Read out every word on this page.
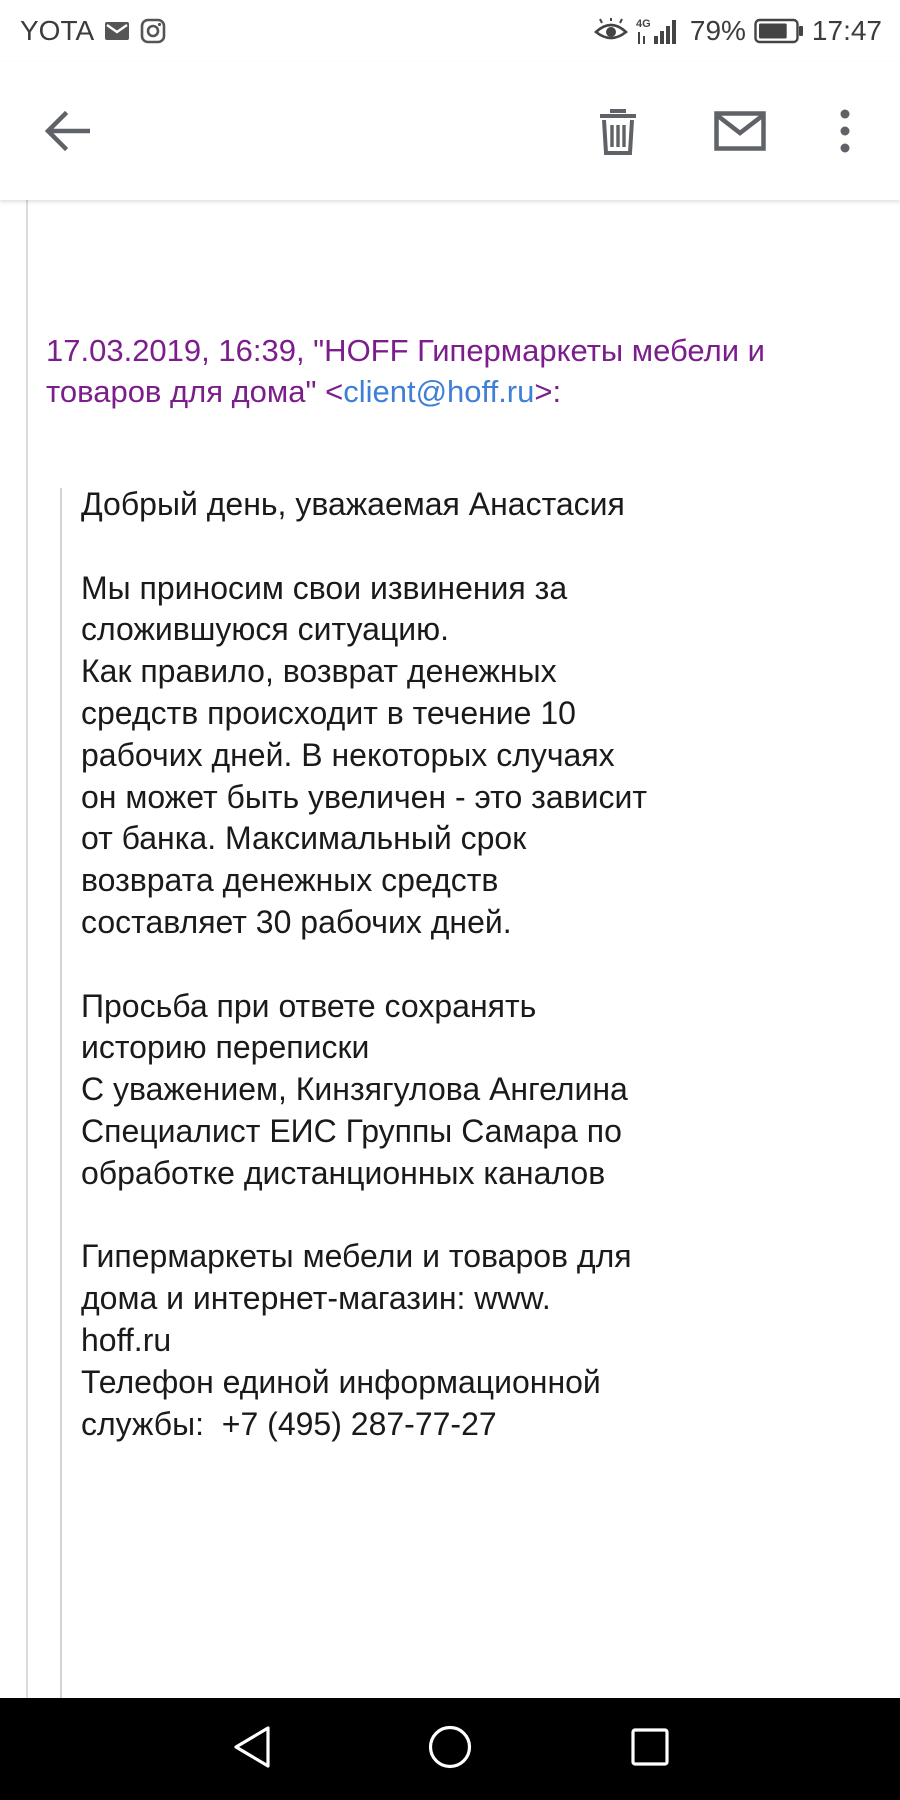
YOTA	4G 79% 17:47
17.03.2019, 16:39, "HOFF Гипермаркеты мебели и товаров для дома" <client@hoff.ru>:
Добрый день, уважаемая Анастасия

Мы приносим свои извинения за
сложившуюся ситуацию.
Как правило, возврат денежных
средств происходит в течение 10
рабочих дней. В некоторых случаях
он может быть увеличен - это зависит
от банка. Максимальный срок
возврата денежных средств
составляет 30 рабочих дней.

Просьба при ответе сохранять
историю переписки
С уважением, Кинзягулова Ангелина
Специалист ЕИС Группы Самара по
обработке дистанционных каналов

Гипермаркеты мебели и товаров для
дома и интернет-магазин: www.
hoff.ru
Телефон единой информационной
службы:  +7 (495) 287-77-27
